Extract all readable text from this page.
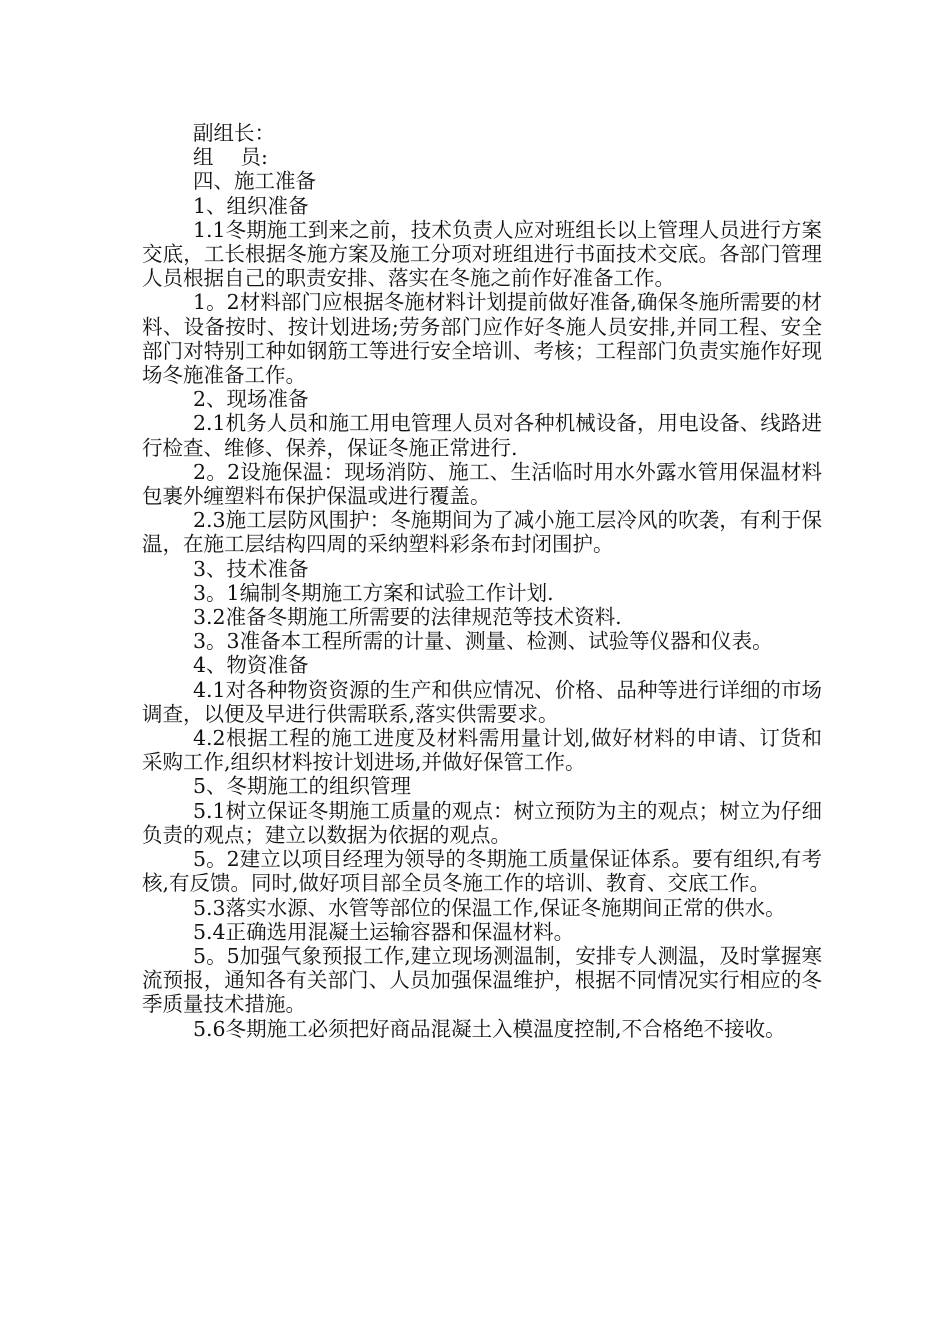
副组长：

组　 员:

四、施工准备

1、组织准备

1.1冬期施工到来之前，技术负责人应对班组长以上管理人员进行方案交底，工长根据冬施方案及施工分项对班组进行书面技术交底。各部门管理人员根据自己的职责安排、落实在冬施之前作好准备工作。

1。2材料部门应根据冬施材料计划提前做好准备,确保冬施所需要的材料、设备按时、按计划进场;劳务部门应作好冬施人员安排,并同工程、安全部门对特别工种如钢筋工等进行安全培训、考核；工程部门负责实施作好现场冬施准备工作。

2、现场准备

2.1机务人员和施工用电管理人员对各种机械设备，用电设备、线路进行检查、维修、保养，保证冬施正常进行.

2。2设施保温：现场消防、施工、生活临时用水外露水管用保温材料包裹外缠塑料布保护保温或进行覆盖。

2.3施工层防风围护：冬施期间为了减小施工层冷风的吹袭，有利于保温，在施工层结构四周的采纳塑料彩条布封闭围护。

3、技术准备

3。1编制冬期施工方案和试验工作计划.

3.2准备冬期施工所需要的法律规范等技术资料.

3。3准备本工程所需的计量、测量、检测、试验等仪器和仪表。

4、物资准备

4.1对各种物资资源的生产和供应情况、价格、品种等进行详细的市场调查，以便及早进行供需联系,落实供需要求。

4.2根据工程的施工进度及材料需用量计划,做好材料的申请、订货和采购工作,组织材料按计划进场,并做好保管工作。

5、冬期施工的组织管理

5.1树立保证冬期施工质量的观点：树立预防为主的观点；树立为仔细负责的观点；建立以数据为依据的观点。

5。2建立以项目经理为领导的冬期施工质量保证体系。要有组织,有考核,有反馈。同时,做好项目部全员冬施工作的培训、教育、交底工作。

5.3落实水源、水管等部位的保温工作,保证冬施期间正常的供水。

5.4正确选用混凝土运输容器和保温材料。

5。5加强气象预报工作,建立现场测温制，安排专人测温，及时掌握寒流预报，通知各有关部门、人员加强保温维护，根据不同情况实行相应的冬季质量技术措施。

5.6冬期施工必须把好商品混凝土入模温度控制,不合格绝不接收。
